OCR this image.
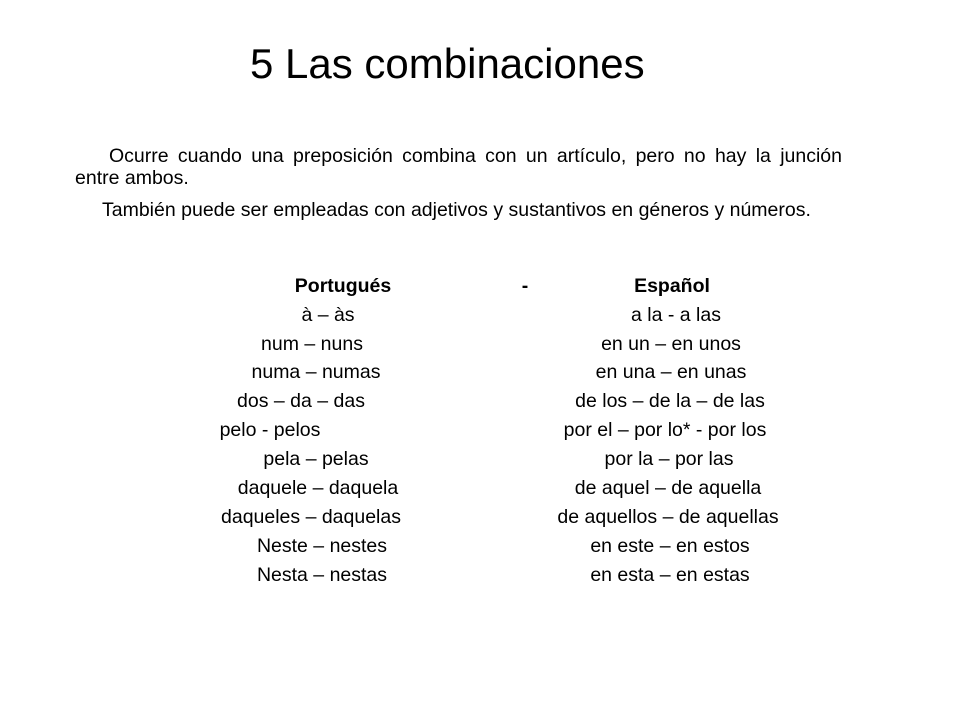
5 Las combinaciones
Ocurre cuando una preposición combina con un artículo, pero no hay la junción entre ambos.
También puede ser empleadas con adjetivos y sustantivos en géneros y números.
Portugués	-	Español
à – às	a la - a las
num – nuns	en un – en unos
numa – numas	en una – en unas
dos – da – das	de los – de la – de las
pelo - pelos	por el – por lo* - por los
pela – pelas	por la – por las
daquele – daquela	de aquel – de aquella
daqueles – daquelas	de aquellos – de aquellas
Neste – nestes	en este – en estos
Nesta – nestas	en esta – en estas
